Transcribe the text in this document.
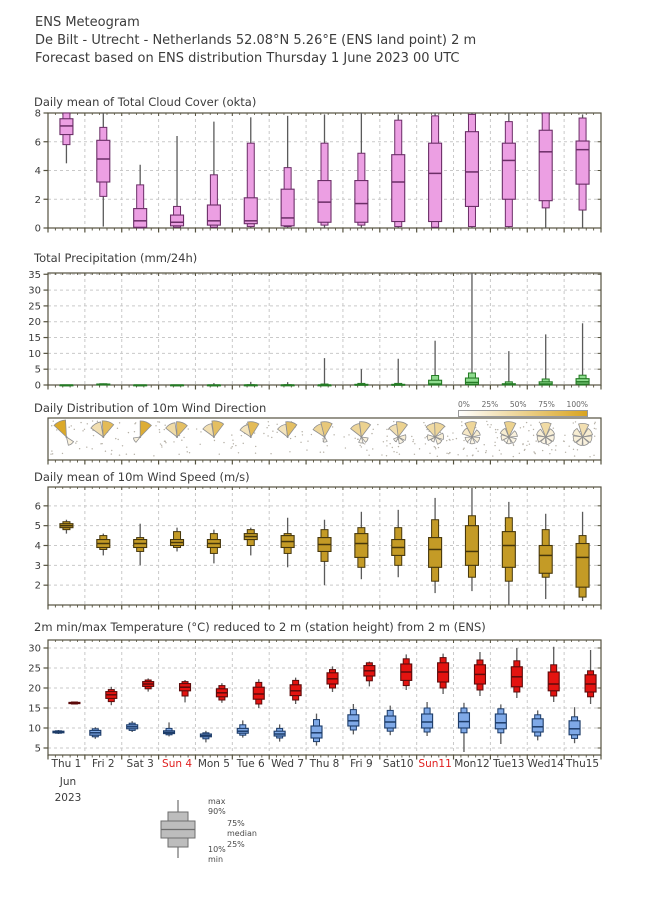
ENS Meteogram
De Bilt - Utrecht - Netherlands 52.08°N 5.26°E (ENS land point) 2 m
Forecast based on ENS distribution Thursday 1 June 2023 00 UTC
Daily mean of Total Cloud Cover (okta)
Total Precipitation (mm/24h)
Daily Distribution of 10m Wind Direction
Daily mean of 10m Wind Speed (m/s)
2m min/max Temperature (°C) reduced to 2 m (station height) from 2 m (ENS)
0% 25% 50% 75% 100%
0
2
4
6
8
0
5
10
15
20
25
30
35
2
3
4
5
6
5
10
15
20
25
30
Thu 1	Fri 2	Sat 3 Sun 4 Mon 5 Tue 6 Wed 7 Thu 8	Fri 9 Sat10 Sun11 Mon12 Tue13 Wed14 Thu15
Jun
2023	max
90%
75%
median
25%
10%
min
